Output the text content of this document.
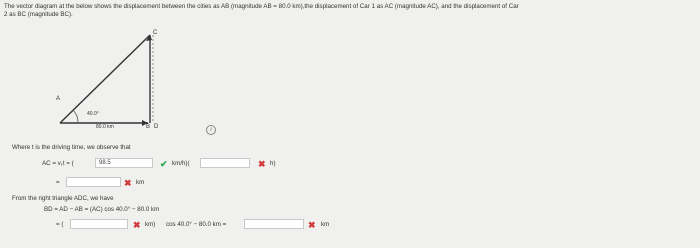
The vector diagram at the below shows the displacement between the cities as AB (magnitude AB = 80.0 km),the displacement of Car 1 as AC (magnitude AC), and the displacement of Car
2 as BC (magnitude BC).
A
B
C
D
40.0°
80.0 km	i
Where t is the driving time, we observe that
AC = v₁t = (	98.5	✔ km/h)(	✖ h)
=	✖ km
From the right triangle ADC, we have
BD = AD − AB = (AC) cos 40.0° − 80.0 km
= (	✖ km) cos 40.0° − 80.0 km =	✖ km
